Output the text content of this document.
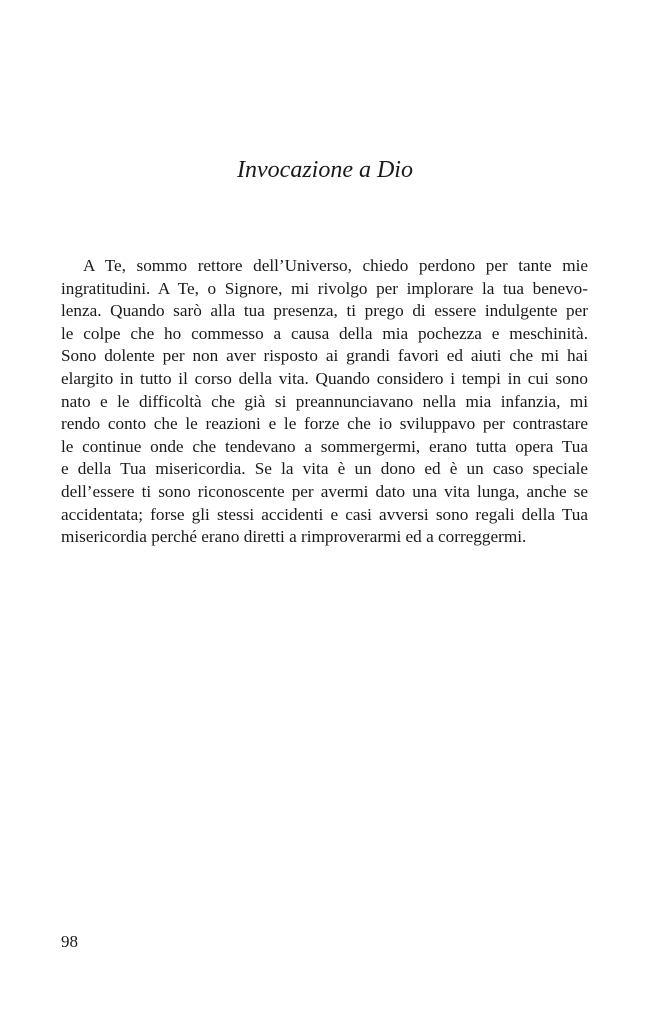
Invocazione a Dio
A Te, sommo rettore dell’Universo, chiedo perdono per tante mie
ingratitudini. A Te, o Signore, mi rivolgo per implorare la tua benevo-
lenza. Quando sarò alla tua presenza, ti prego di essere indulgente per
le colpe che ho commesso a causa della mia pochezza e meschinità.
Sono dolente per non aver risposto ai grandi favori ed aiuti che mi hai
elargito in tutto il corso della vita. Quando considero i tempi in cui sono
nato e le difficoltà che già si preannunciavano nella mia infanzia, mi
rendo conto che le reazioni e le forze che io sviluppavo per contrastare
le continue onde che tendevano a sommergermi, erano tutta opera Tua
e della Tua misericordia. Se la vita è un dono ed è un caso speciale
dell’essere ti sono riconoscente per avermi dato una vita lunga, anche se
accidentata; forse gli stessi accidenti e casi avversi sono regali della Tua
misericordia perché erano diretti a rimproverarmi ed a correggermi.
98
